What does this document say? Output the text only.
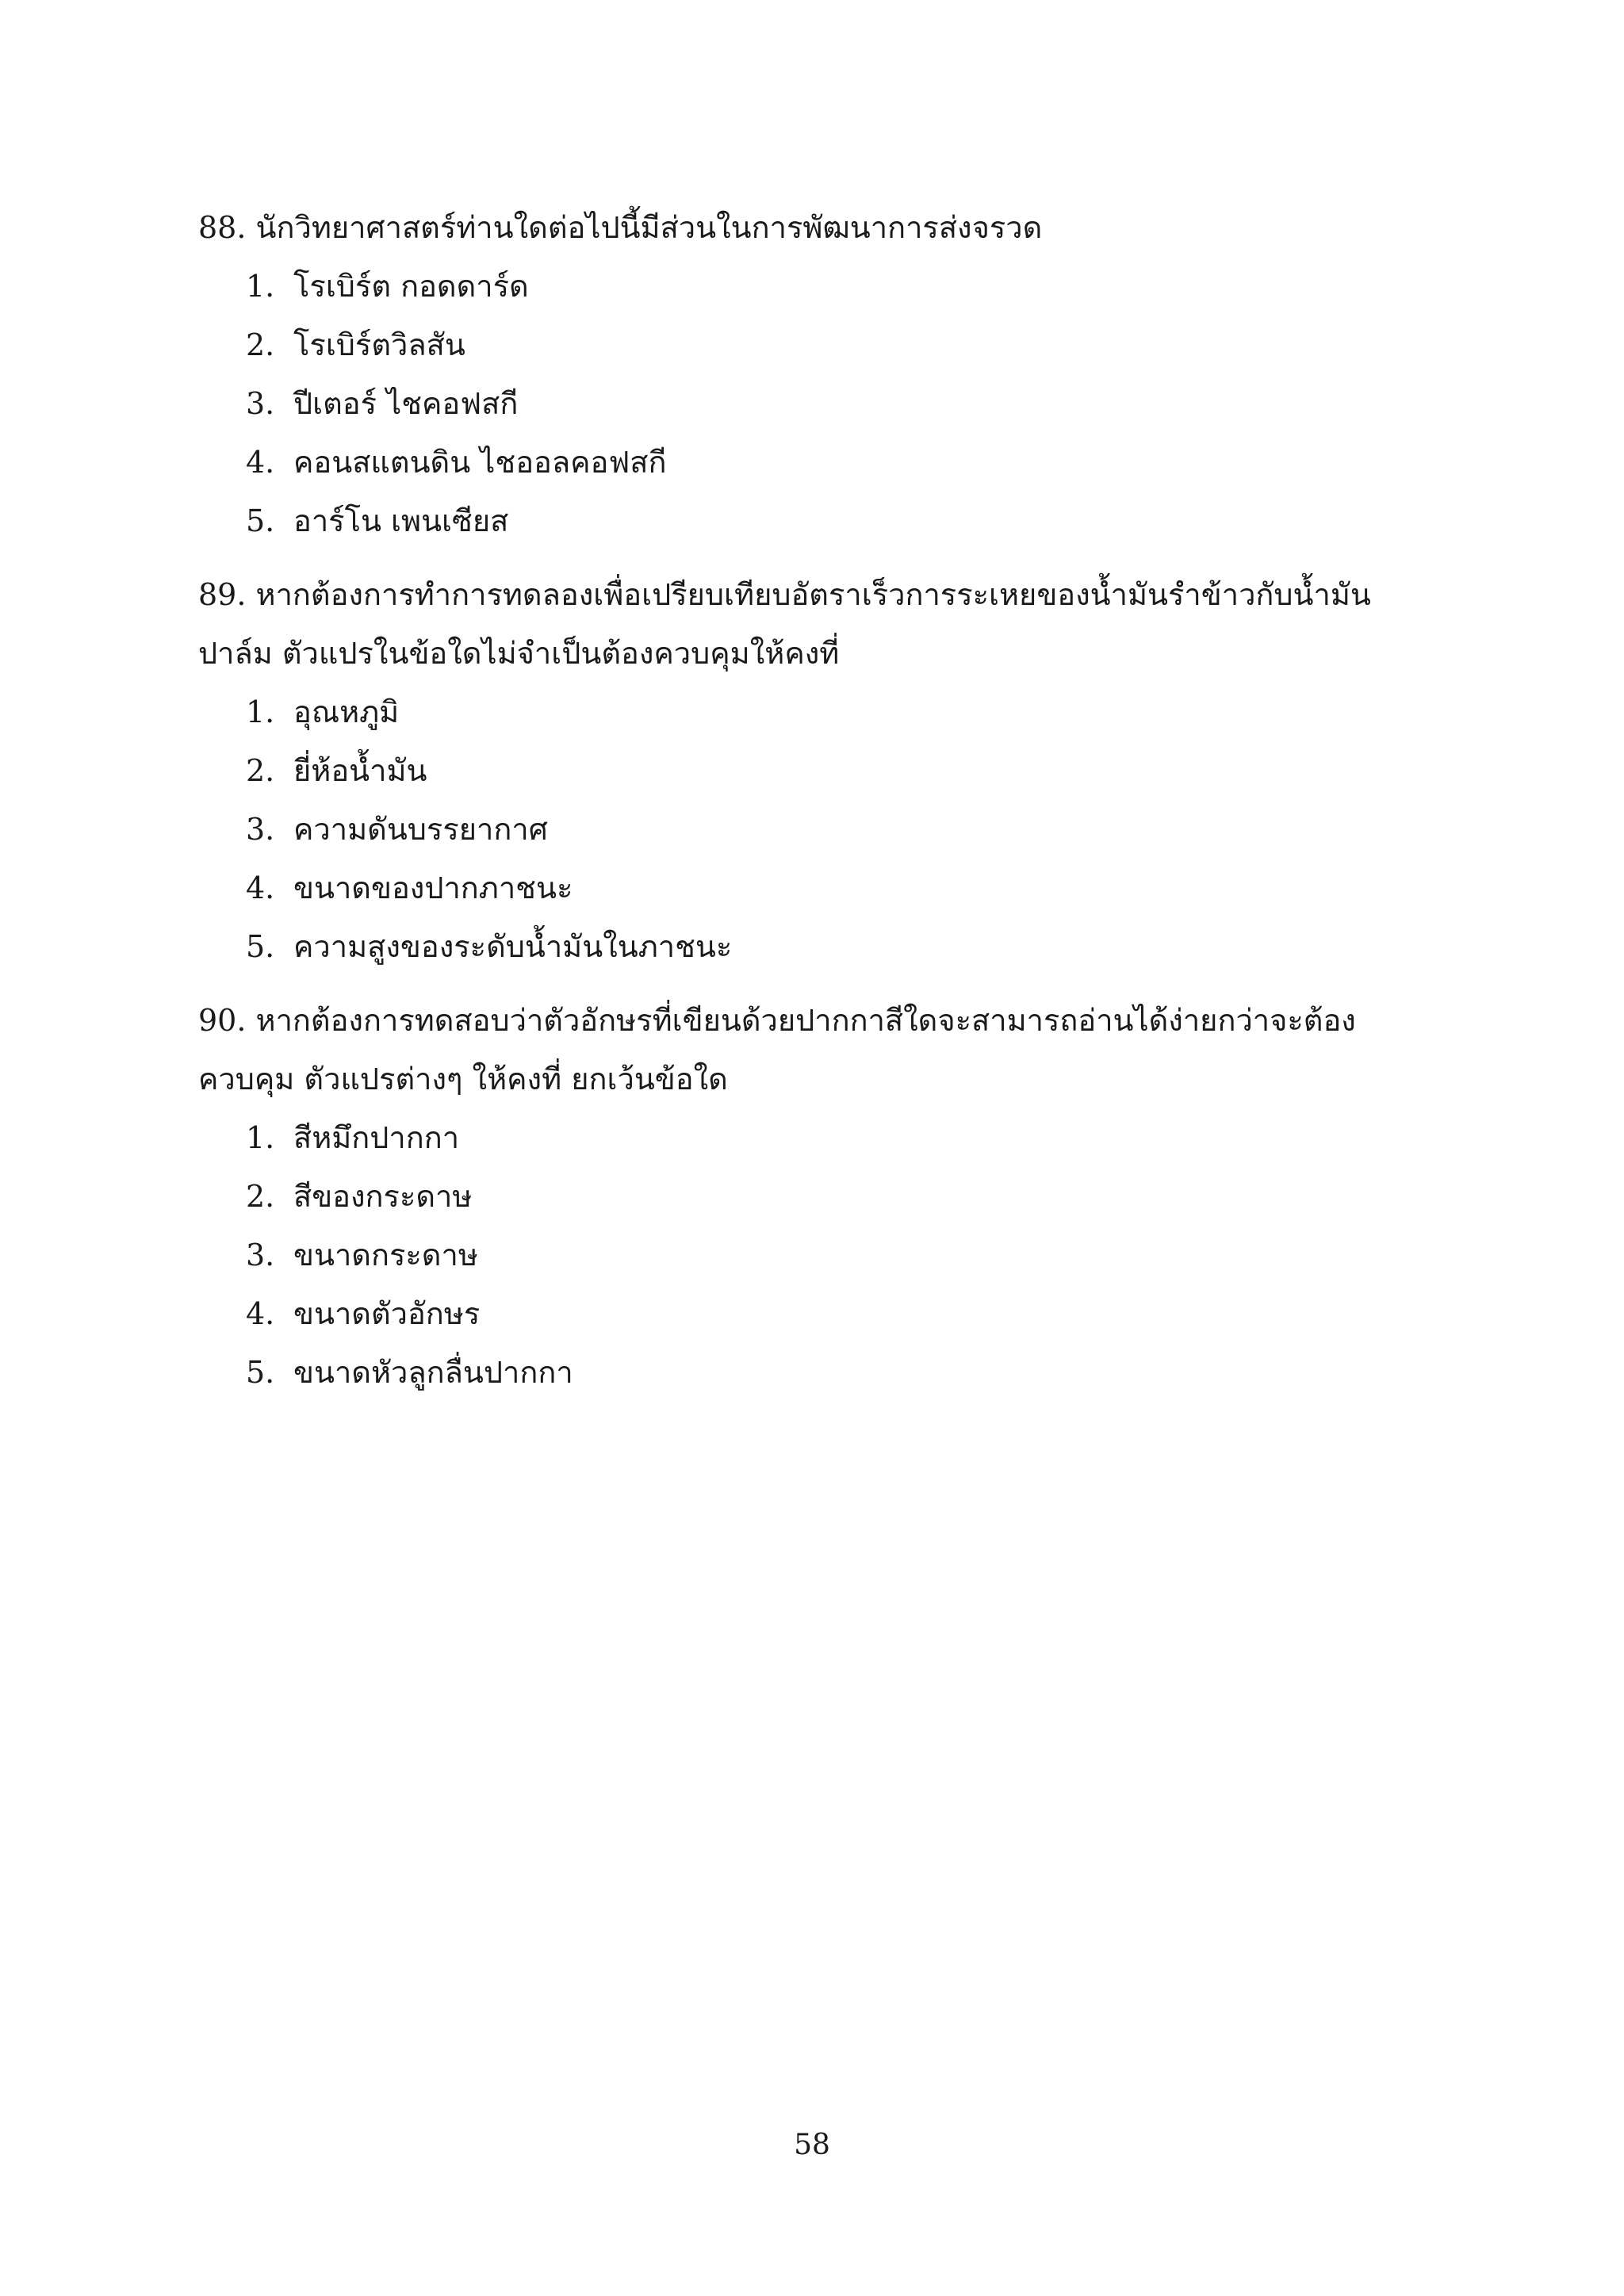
88. นักวิทยาศาสตร์ท่านใดต่อไปนี้มีส่วนในการพัฒนาการส่งจรวด
1. โรเบิร์ต กอดดาร์ด
2. โรเบิร์ตวิลสัน
3. ปีเตอร์ ไชคอฟสกี
4. คอนสแตนดิน ไชออลคอฟสกี
5. อาร์โน เพนเซียส
89. หากต้องการทำการทดลองเพื่อเปรียบเทียบอัตราเร็วการระเหยของน้ำมันรำข้าวกับน้ำมันปาล์ม ตัวแปรในข้อใดไม่จำเป็นต้องควบคุมให้คงที่
1. อุณหภูมิ
2. ยี่ห้อน้ำมัน
3. ความดันบรรยากาศ
4. ขนาดของปากภาชนะ
5. ความสูงของระดับน้ำมันในภาชนะ
90. หากต้องการทดสอบว่าตัวอักษรที่เขียนด้วยปากกาสีใดจะสามารถอ่านได้ง่ายกว่าจะต้องควบคุม ตัวแปรต่างๆ ให้คงที่ ยกเว้นข้อใด
1. สีหมึกปากกา
2. สีของกระดาษ
3. ขนาดกระดาษ
4. ขนาดตัวอักษร
5. ขนาดหัวลูกลื่นปากกา
58
